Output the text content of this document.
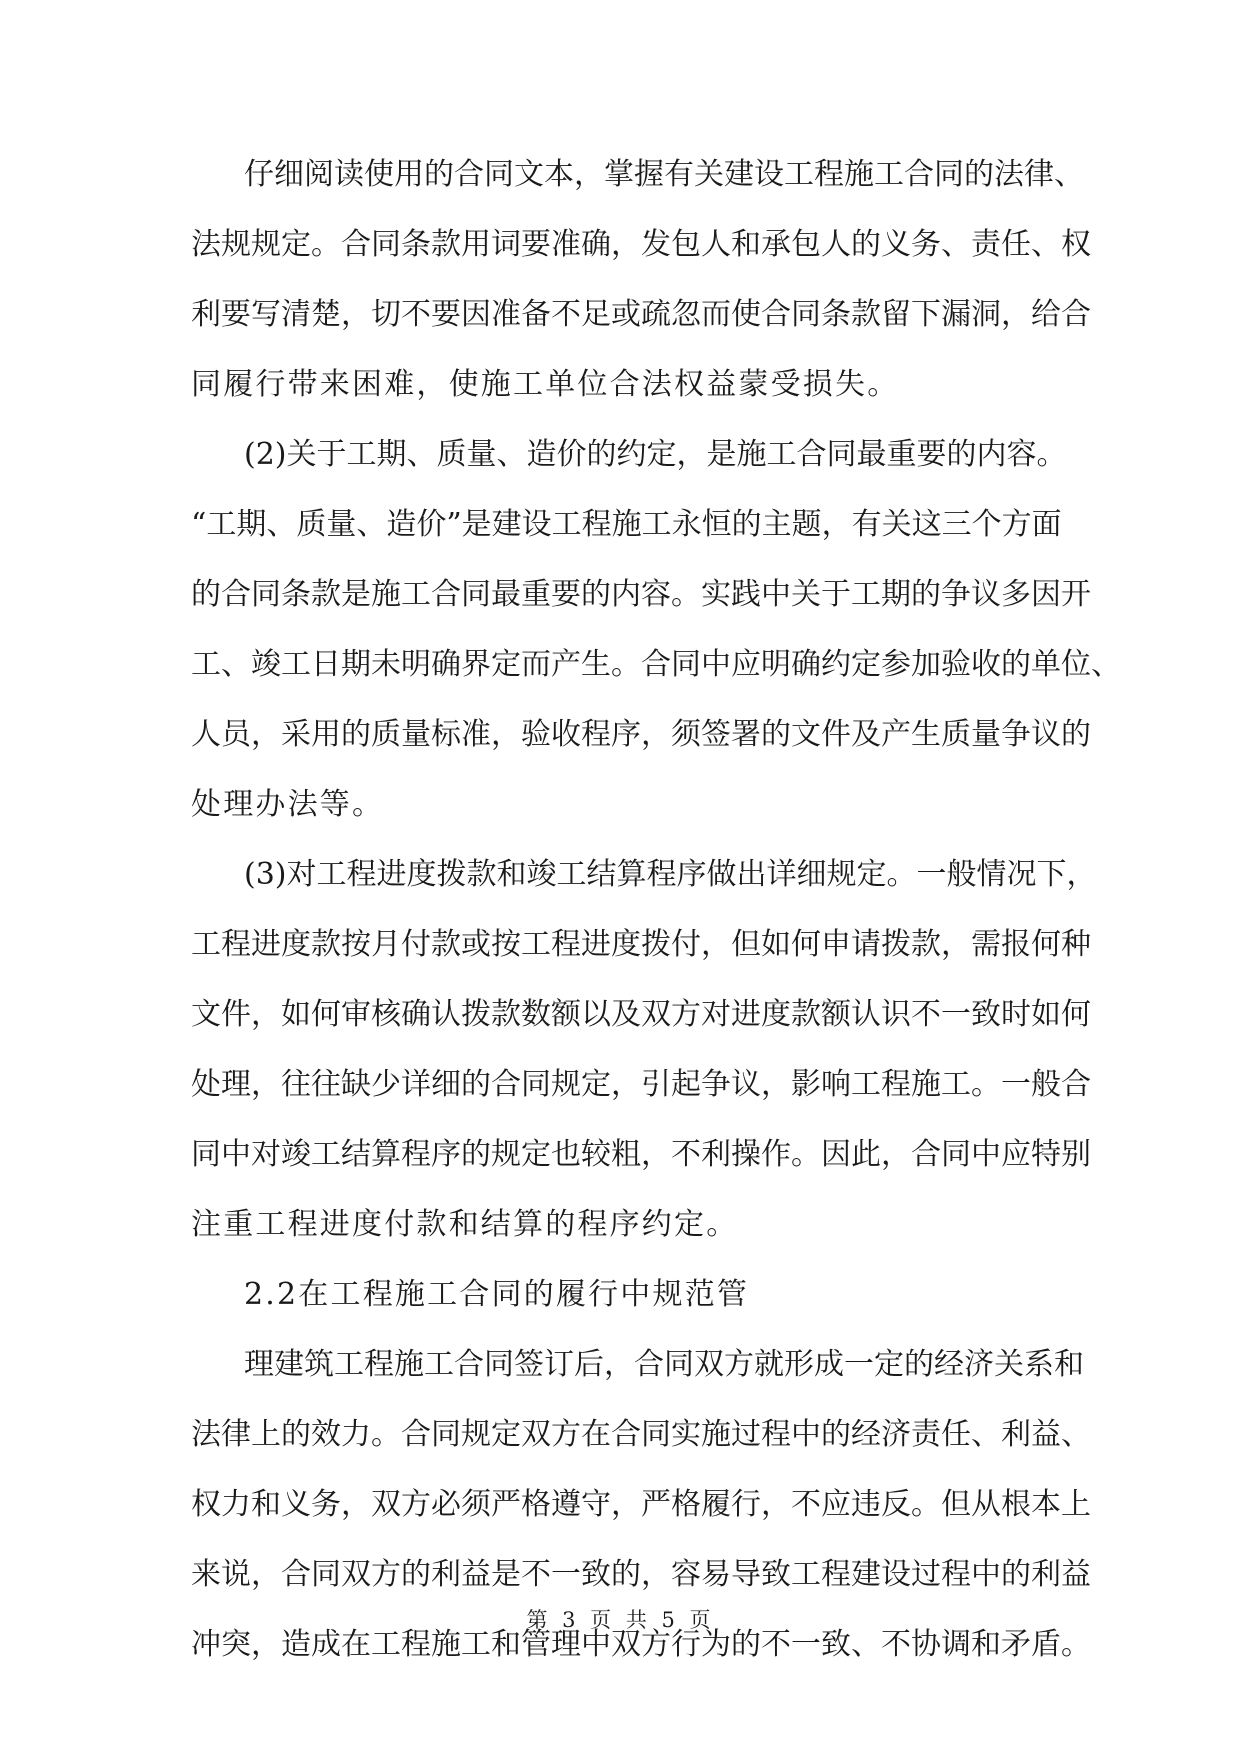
仔细阅读使用的合同文本，掌握有关建设工程施工合同的法律、
法规规定。合同条款用词要准确，发包人和承包人的义务、责任、权
利要写清楚，切不要因准备不足或疏忽而使合同条款留下漏洞，给合
同履行带来困难，使施工单位合法权益蒙受损失。
(2)关于工期、质量、造价的约定，是施工合同最重要的内容。
“工期、质量、造价”是建设工程施工永恒的主题，有关这三个方面
的合同条款是施工合同最重要的内容。实践中关于工期的争议多因开
工、竣工日期未明确界定而产生。合同中应明确约定参加验收的单位、
人员，采用的质量标准，验收程序，须签署的文件及产生质量争议的
处理办法等。
(3)对工程进度拨款和竣工结算程序做出详细规定。一般情况下，
工程进度款按月付款或按工程进度拨付，但如何申请拨款，需报何种
文件，如何审核确认拨款数额以及双方对进度款额认识不一致时如何
处理，往往缺少详细的合同规定，引起争议，影响工程施工。一般合
同中对竣工结算程序的规定也较粗，不利操作。因此，合同中应特别
注重工程进度付款和结算的程序约定。
2.2在工程施工合同的履行中规范管
理建筑工程施工合同签订后，合同双方就形成一定的经济关系和
法律上的效力。合同规定双方在合同实施过程中的经济责任、利益、
权力和义务，双方必须严格遵守，严格履行，不应违反。但从根本上
来说，合同双方的利益是不一致的，容易导致工程建设过程中的利益
冲突，造成在工程施工和管理中双方行为的不一致、不协调和矛盾。
第 3 页 共 5 页
